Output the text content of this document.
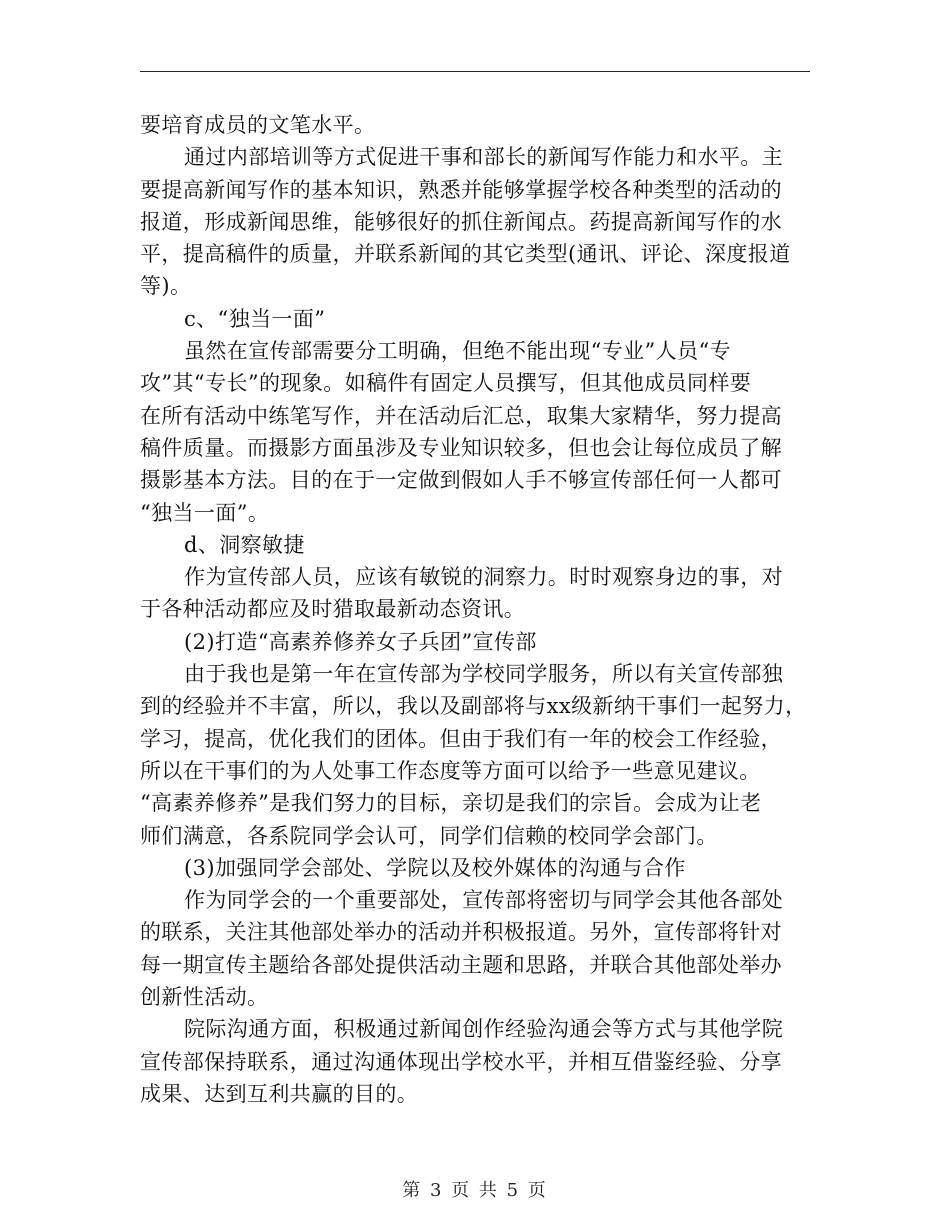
要培育成员的文笔水平。
通过内部培训等方式促进干事和部长的新闻写作能力和水平。主
要提高新闻写作的基本知识，熟悉并能够掌握学校各种类型的活动的
报道，形成新闻思维，能够很好的抓住新闻点。药提高新闻写作的水
平，提高稿件的质量，并联系新闻的其它类型(通讯、评论、深度报道
等)。
c、“独当一面”
虽然在宣传部需要分工明确，但绝不能出现“专业”人员“专
攻”其“专长”的现象。如稿件有固定人员撰写，但其他成员同样要
在所有活动中练笔写作，并在活动后汇总，取集大家精华，努力提高
稿件质量。而摄影方面虽涉及专业知识较多，但也会让每位成员了解
摄影基本方法。目的在于一定做到假如人手不够宣传部任何一人都可
“独当一面”。
d、洞察敏捷
作为宣传部人员，应该有敏锐的洞察力。时时观察身边的事，对
于各种活动都应及时猎取最新动态资讯。
(2)打造“高素养修养女子兵团”宣传部
由于我也是第一年在宣传部为学校同学服务，所以有关宣传部独
到的经验并不丰富，所以，我以及副部将与xx级新纳干事们一起努力，
学习，提高，优化我们的团体。但由于我们有一年的校会工作经验，
所以在干事们的为人处事工作态度等方面可以给予一些意见建议。
“高素养修养”是我们努力的目标，亲切是我们的宗旨。会成为让老
师们满意，各系院同学会认可，同学们信赖的校同学会部门。
(3)加强同学会部处、学院以及校外媒体的沟通与合作
作为同学会的一个重要部处，宣传部将密切与同学会其他各部处
的联系，关注其他部处举办的活动并积极报道。另外，宣传部将针对
每一期宣传主题给各部处提供活动主题和思路，并联合其他部处举办
创新性活动。
院际沟通方面，积极通过新闻创作经验沟通会等方式与其他学院
宣传部保持联系，通过沟通体现出学校水平，并相互借鉴经验、分享
成果、达到互利共赢的目的。
第 3 页 共 5 页
